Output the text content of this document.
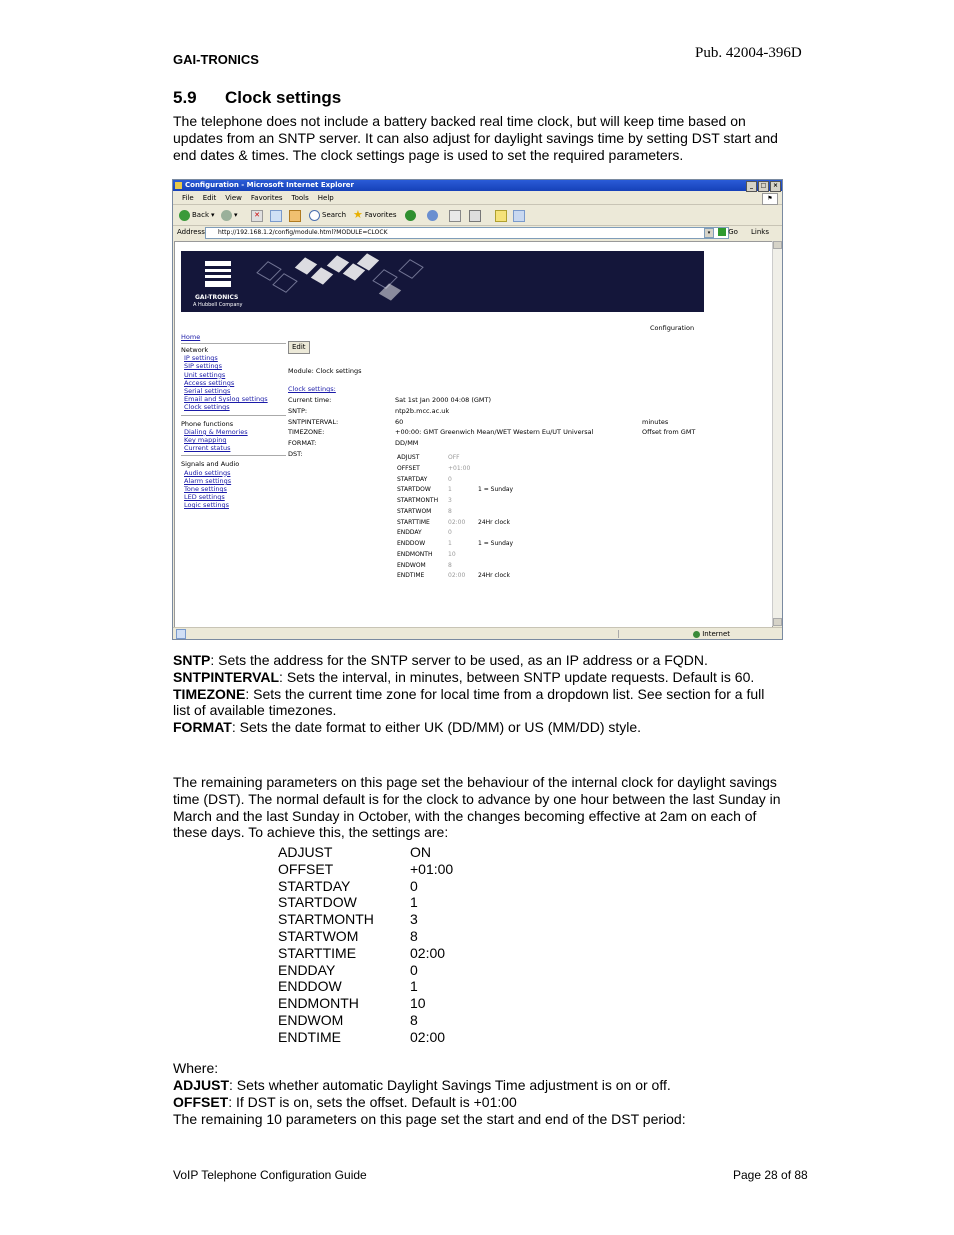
GAI-TRONICS	Pub. 42004-396D
5.9 Clock settings
The telephone does not include a battery backed real time clock, but will keep time based on updates from an SNTP server. It can also adjust for daylight savings time by setting DST start and end dates & times. The clock settings page is used to set the required parameters.
Configuration - Microsoft Internet Explorer	_	□	×
File Edit View Favorites Tools Help	⚑
Back ▾	▾	✕	Search ★ Favorites
Address	http://192.168.1.2/config/module.html?MODULE=CLOCK	▾	Go Links
GAI-TRONICS
A Hubbell Company
Configuration
Home
Network
IP settings
SIP settings
Unit settings
Access settings
Serial settings
Email and Syslog settings
Clock settings
Phone functions
Dialing & Memories
Key mapping
Current status
Signals and Audio
Audio settings
Alarm settings
Tone settings
LED settings
Logic settings
Edit
Module: Clock settings
Clock settings:
Current time:	Sat 1st Jan 2000 04:08 (GMT)
SNTP:	ntp2b.mcc.ac.uk
SNTPINTERVAL:	60	minutes
TIMEZONE:	+00:00: GMT Greenwich Mean/WET Western Eu/UT Universal	Offset from GMT
FORMAT:	DD/MM
DST:	ADJUST	OFF
OFFSET	+01:00
STARTDAY	0
STARTDOW	1	1 = Sunday
STARTMONTH 3
STARTWOM	8
STARTTIME	02:00 24Hr clock
ENDDAY	0
ENDDOW	1	1 = Sunday
ENDMONTH	10
ENDWOM	8
ENDTIME	02:00 24Hr clock
Internet
SNTP: Sets the address for the SNTP server to be used, as an IP address or a FQDN.
SNTPINTERVAL: Sets the interval, in minutes, between SNTP update requests. Default is 60.
TIMEZONE: Sets the current time zone for local time from a dropdown list. See section for a full list of available timezones.
FORMAT: Sets the date format to either UK (DD/MM) or US (MM/DD) style.
The remaining parameters on this page set the behaviour of the internal clock for daylight savings time (DST). The normal default is for the clock to advance by one hour between the last Sunday in March and the last Sunday in October, with the changes becoming effective at 2am on each of these days. To achieve this, the settings are:
ADJUST	ON
OFFSET	+01:00
STARTDAY	0
STARTDOW	1
STARTMONTH	3
STARTWOM	8
STARTTIME	02:00
ENDDAY	0
ENDDOW	1
ENDMONTH	10
ENDWOM	8
ENDTIME	02:00
Where:
ADJUST: Sets whether automatic Daylight Savings Time adjustment is on or off.
OFFSET: If DST is on, sets the offset. Default is +01:00
The remaining 10 parameters on this page set the start and end of the DST period:
VoIP Telephone Configuration Guide	Page 28 of 88
